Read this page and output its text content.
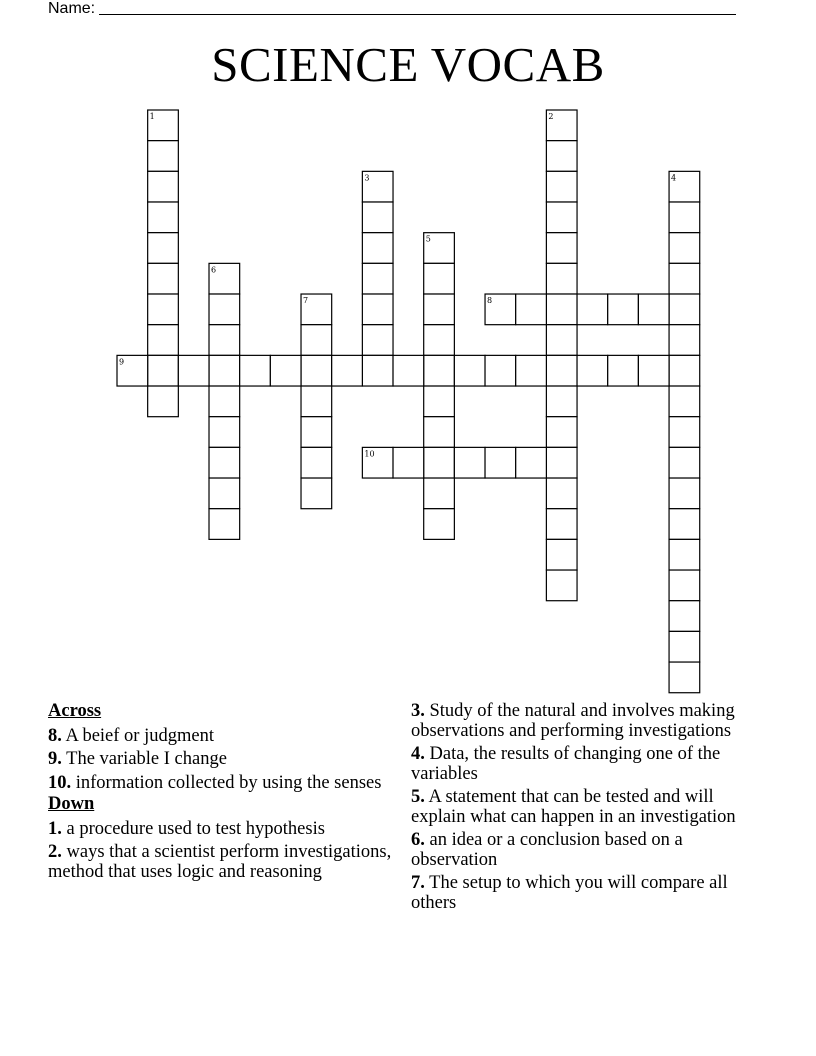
Name:
SCIENCE VOCAB
1	2
3	4
5
6
7	8
9
10
Across
8. A beief or judgment
9. The variable I change
10. information collected by using the senses
Down
1. a procedure used to test hypothesis
2. ways that a scientist perform investigations, method that uses logic and reasoning
3. Study of the natural and involves making observations and performing investigations
4. Data, the results of changing one of the variables
5. A statement that can be tested and will explain what can happen in an investigation
6. an idea or a conclusion based on a observation
7. The setup to which you will compare all others
